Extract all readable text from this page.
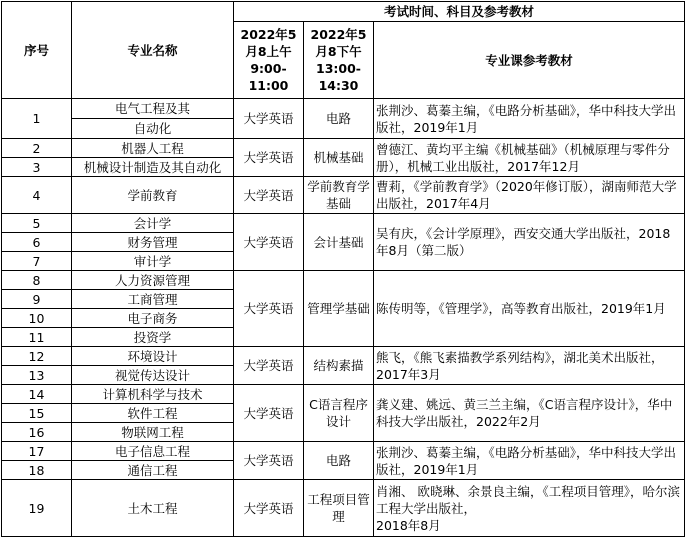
序号	专业名称	考试时间、科目及参考教材		
		2022年5
月8上午
9:00-
11:00	2022年5
月8下午
13:00-
14:30	专业课参考教材
1	电气工程及其	大学英语	电路	张荆沙、葛蓁主编，《电路分析基础》，华中科技大学出版社，2019年1月
	自动化			
2	机器人工程	大学英语	机械基础	曾德江、黄均平主编《机械基础》（机械原理与零件分册），机械工业出版社，2017年12月
3	机械设计制造及其自动化			
4	学前教育	大学英语	学前教育学基础	曹莉，《学前教育学》（2020年修订版），湖南师范大学出版社，2017年4月
5	会计学	大学英语	会计基础	吴有庆，《会计学原理》，西安交通大学出版社，2018年8月（第二版）
6	财务管理			
7	审计学			
8	人力资源管理	大学英语	管理学基础	陈传明等，《管理学》，高等教育出版社，2019年1月
9	工商管理			
10	电子商务			
11	投资学			
12	环境设计	大学英语	结构素描	熊飞，《熊飞素描教学系列结构》，湖北美术出版社，2017年3月
13	视觉传达设计			
14	计算机科学与技术	大学英语	C语言程序设计	龚义建、姚远、黄三兰主编，《C语言程序设计》，华中科技大学出版社，2022年2月
15	软件工程			
16	物联网工程			
17	电子信息工程	大学英语	电路	张荆沙、葛蓁主编，《电路分析基础》，华中科技大学出版社，2019年1月
18	通信工程			
19	土木工程	大学英语	工程项目管理	肖湘、 欧晓琳、余景良主编，《工程项目管理》，哈尔滨工程大学出版社，
2018年8月
